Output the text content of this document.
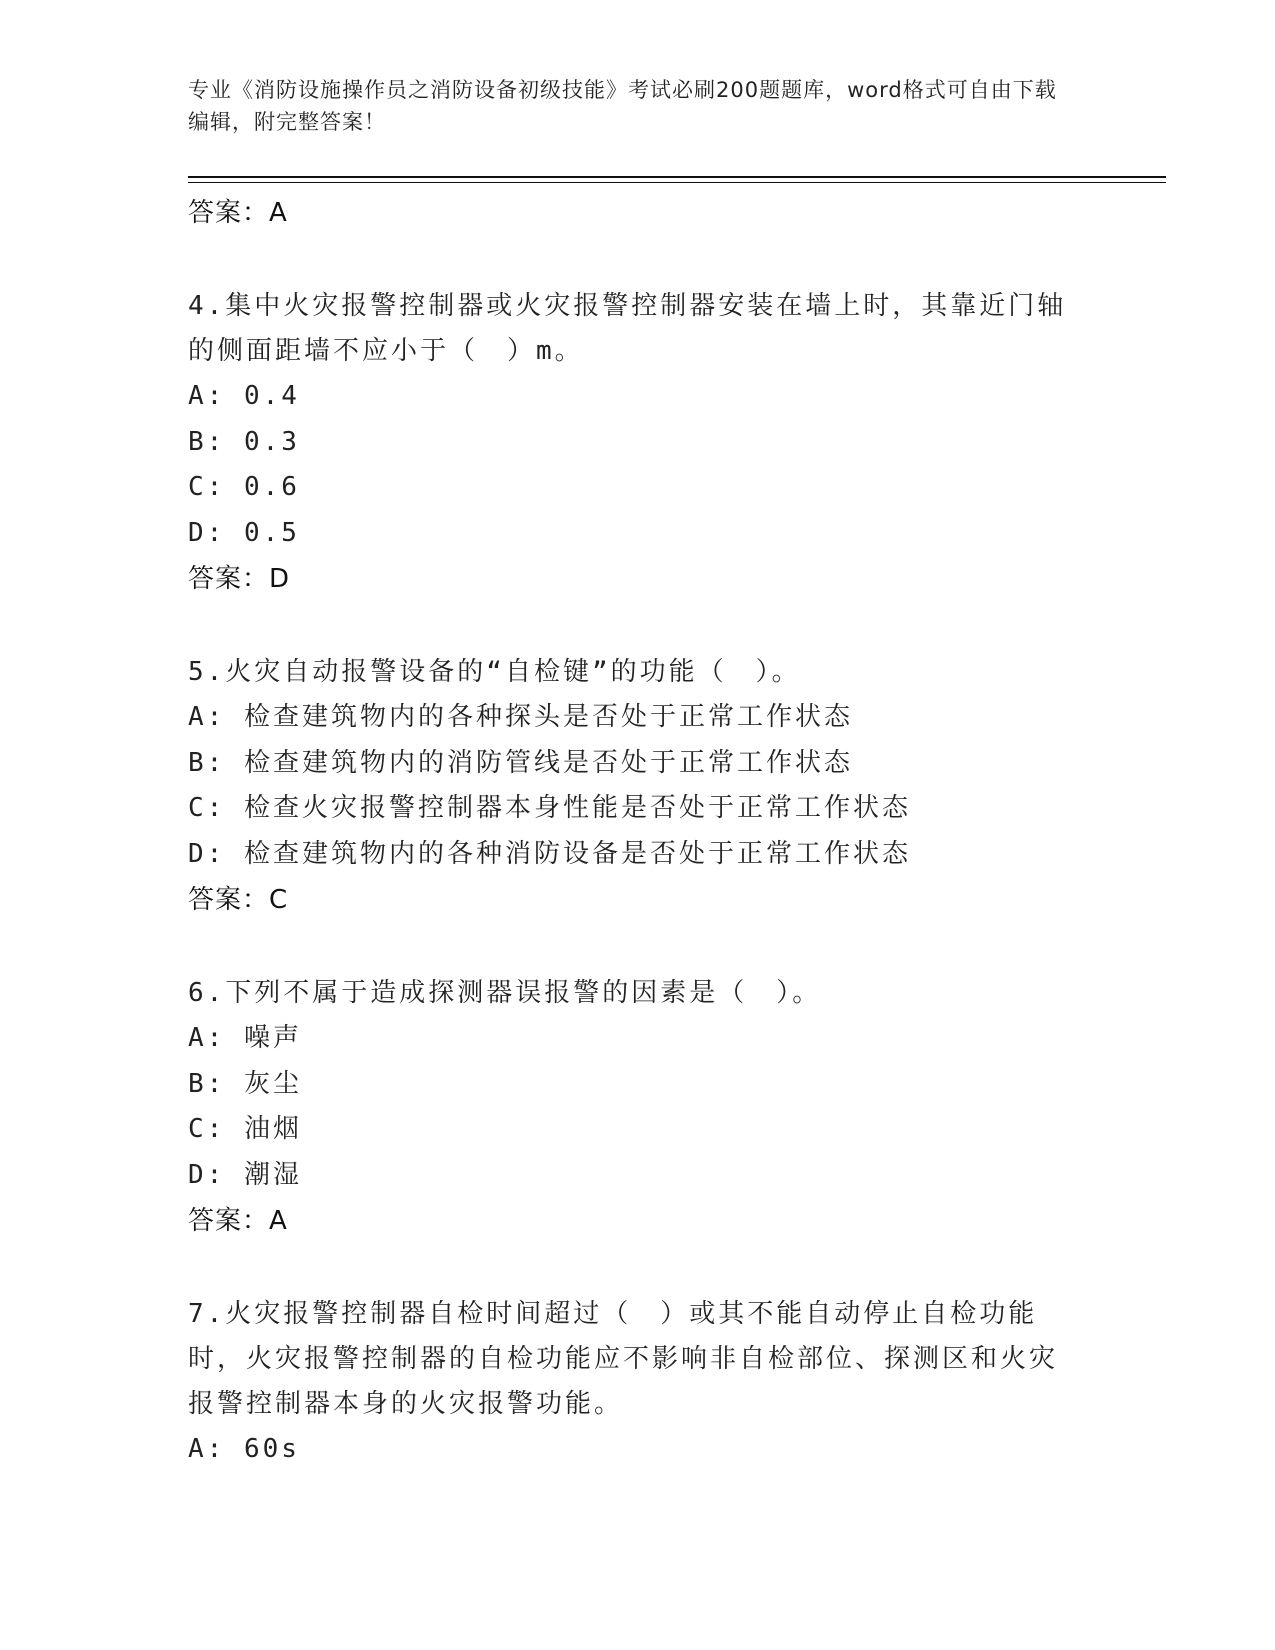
专业《消防设施操作员之消防设备初级技能》考试必刷200题题库，word格式可自由下载编辑，附完整答案！
答案：A
4.集中火灾报警控制器或火灾报警控制器安装在墙上时，其靠近门轴的侧面距墙不应小于（　）m。
A: 0.4
B: 0.3
C: 0.6
D: 0.5
答案：D
5.火灾自动报警设备的“自检键”的功能（　）。
A: 检查建筑物内的各种探头是否处于正常工作状态
B: 检查建筑物内的消防管线是否处于正常工作状态
C: 检查火灾报警控制器本身性能是否处于正常工作状态
D: 检查建筑物内的各种消防设备是否处于正常工作状态
答案：C
6.下列不属于造成探测器误报警的因素是（　）。
A: 噪声
B: 灰尘
C: 油烟
D: 潮湿
答案：A
7.火灾报警控制器自检时间超过（　）或其不能自动停止自检功能时，火灾报警控制器的自检功能应不影响非自检部位、探测区和火灾报警控制器本身的火灾报警功能。
A: 60s
